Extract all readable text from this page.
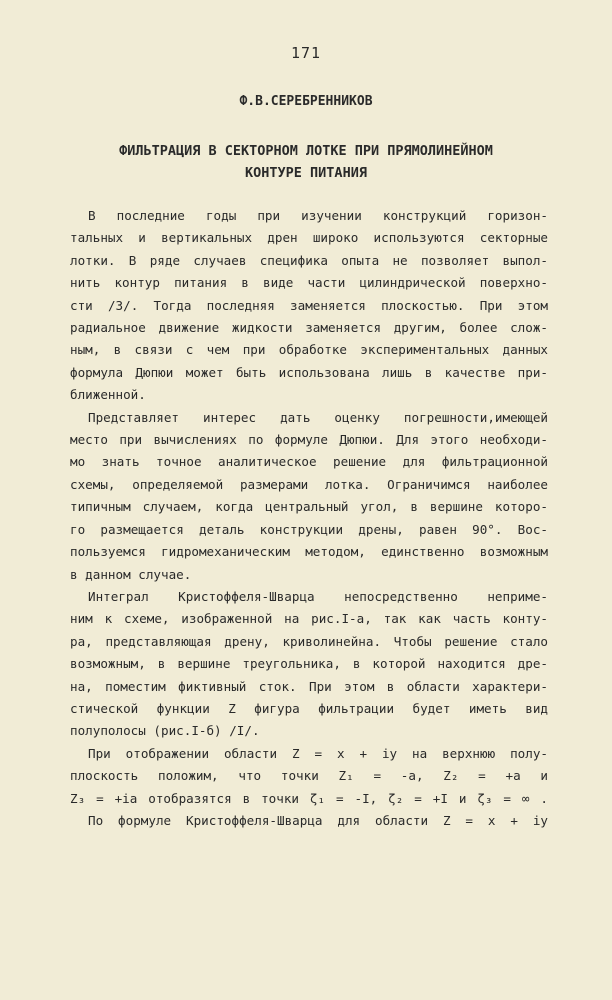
171
Ф.В.СЕРЕБРЕННИКОВ
ФИЛЬТРАЦИЯ В СЕКТОРНОМ ЛОТКЕ ПРИ ПРЯМОЛИНЕЙНОМ
КОНТУРЕ ПИТАНИЯ
В последние годы при изучении конструкций горизон-
тальных и вертикальных дрен широко используются секторные
лотки. В ряде случаев специфика опыта не позволяет выпол-
нить контур питания в виде части цилиндрической поверхно-
сти /3/. Тогда последняя заменяется плоскостью. При этом
радиальное движение жидкости заменяется другим, более слож-
ным, в связи с чем при обработке экспериментальных данных
формула Дюпюи может быть использована лишь в качестве при-
ближенной.
Представляет интерес дать оценку погрешности,имеющей
место при вычислениях по формуле Дюпюи. Для этого необходи-
мо знать точное аналитическое решение для фильтрационной
схемы, определяемой размерами лотка. Ограничимся наиболее
типичным случаем, когда центральный угол, в вершине которо-
го размещается деталь конструкции дрены, равен 90°. Вос-
пользуемся гидромеханическим методом, единственно возможным
в данном случае.
Интеграл Кристоффеля-Шварца непосредственно непримe-
ним к схеме, изображенной на рис.I-а, так как часть конту-
ра, представляющая дрену, криволинейна. Чтобы решение стало
возможным, в вершине треугольника, в которой находится дре-
на, поместим фиктивный сток. При этом в области характери-
стической функции Z фигура фильтрации будет иметь вид
полуполосы (рис.I-б) /I/.
При отображении области Z = x + iy на верхнюю полу-
плоскость положим, что точки Z₁ = -a, Z₂ = +a и
Z₃ = +ia отобразятся в точки ζ₁ = -I, ζ₂ = +I и ζ₃ = ∞ .
По формуле Кристоффеля-Шварца для области Z = x + iy
